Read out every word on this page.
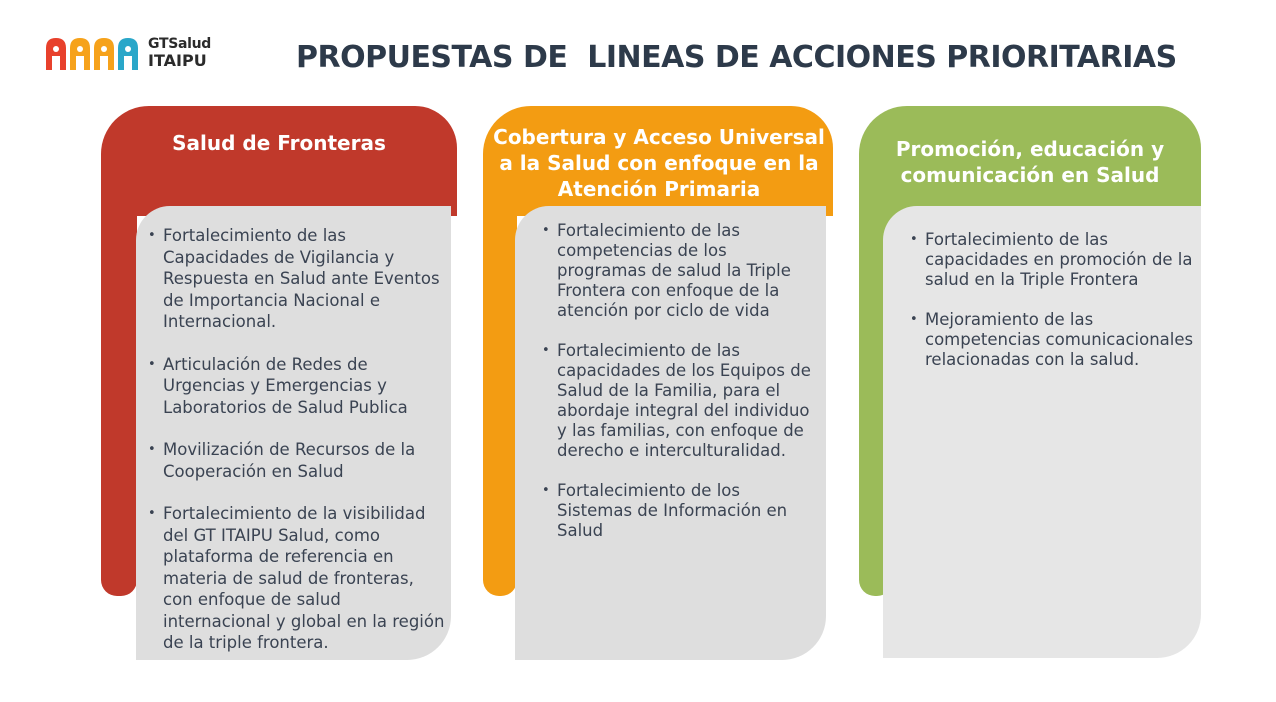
GTSalud
ITAIPU	PROPUESTAS DE  LINEAS DE ACCIONES PRIORITARIAS
Salud de Fronteras
• Fortalecimiento de las Capacidades de Vigilancia y Respuesta en Salud ante Eventos de Importancia Nacional e Internacional.
• Articulación de Redes de Urgencias y Emergencias y Laboratorios de Salud Publica
• Movilización de Recursos de la Cooperación en Salud
• Fortalecimiento de la visibilidad del GT ITAIPU Salud, como plataforma de referencia en materia de salud de fronteras, con enfoque de salud internacional y global en la región de la triple frontera.
Cobertura y Acceso Universal a la Salud con enfoque en la Atención Primaria
• Fortalecimiento de las competencias de los programas de salud la Triple Frontera con enfoque de la atención por ciclo de vida
• Fortalecimiento de las capacidades de los Equipos de Salud de la Familia, para el abordaje integral del individuo y las familias, con enfoque de derecho e interculturalidad.
• Fortalecimiento de los Sistemas de Información en Salud
Promoción, educación y comunicación en Salud
• Fortalecimiento de las capacidades en promoción de la salud en la Triple Frontera
• Mejoramiento de las competencias comunicacionales relacionadas con la salud.
